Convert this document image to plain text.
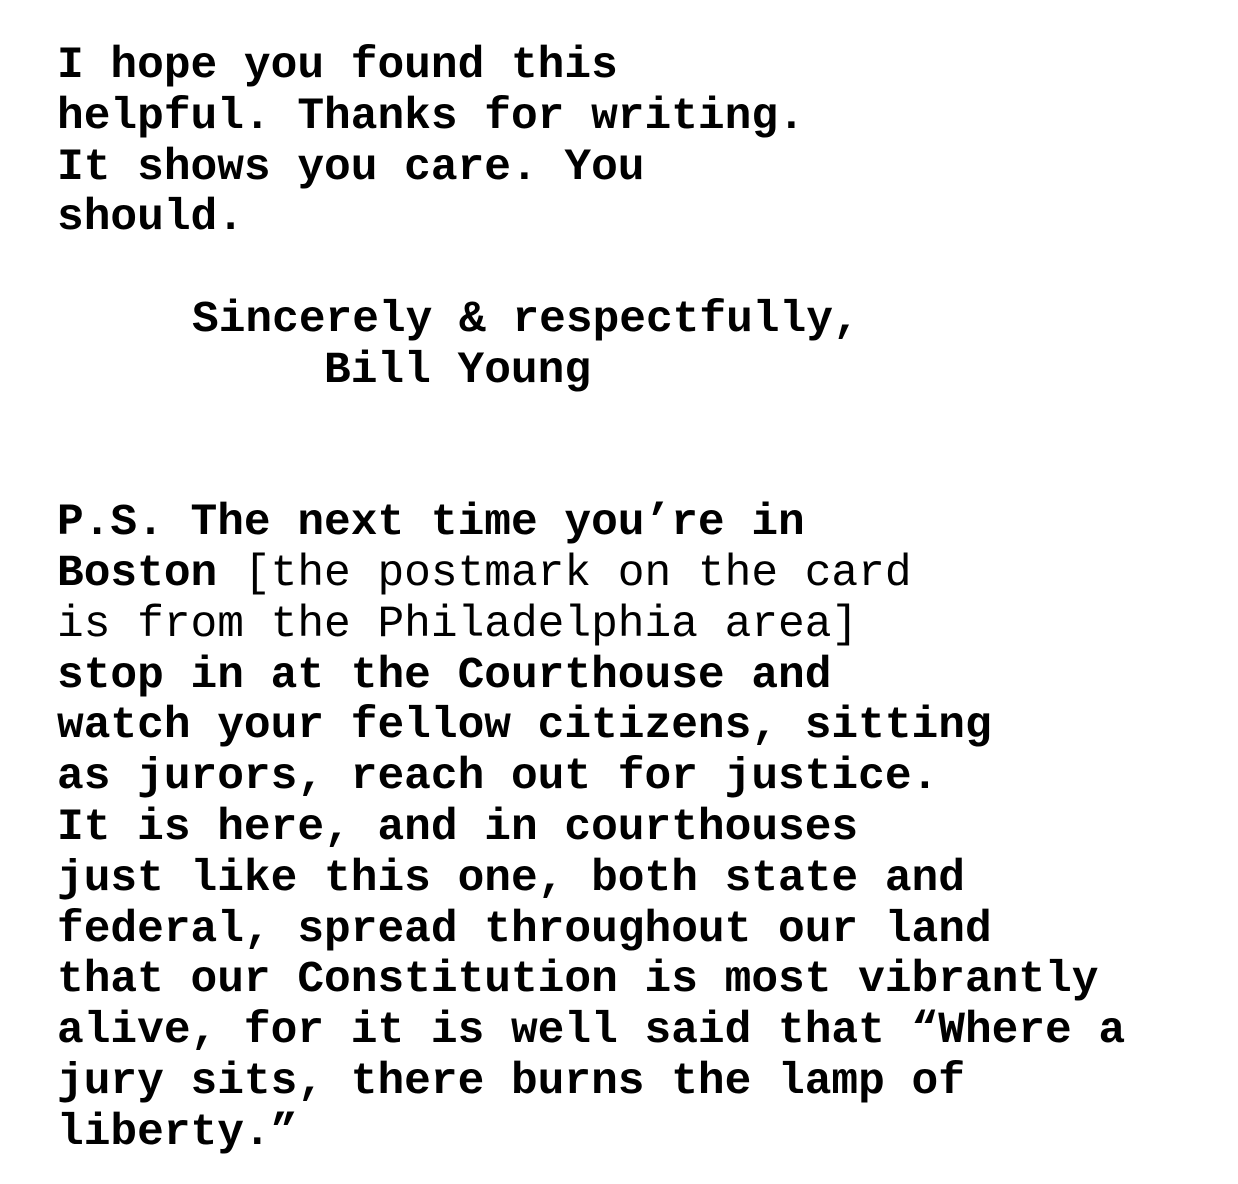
I hope you found this
helpful. Thanks for writing.
It shows you care. You
should.
Sincerely & respectfully,
Bill Young
P.S. The next time you’re in
Boston [the postmark on the card
is from the Philadelphia area]
stop in at the Courthouse and
watch your fellow citizens, sitting
as jurors, reach out for justice.
It is here, and in courthouses
just like this one, both state and
federal, spread throughout our land
that our Constitution is most vibrantly
alive, for it is well said that “Where a
jury sits, there burns the lamp of
liberty.”
